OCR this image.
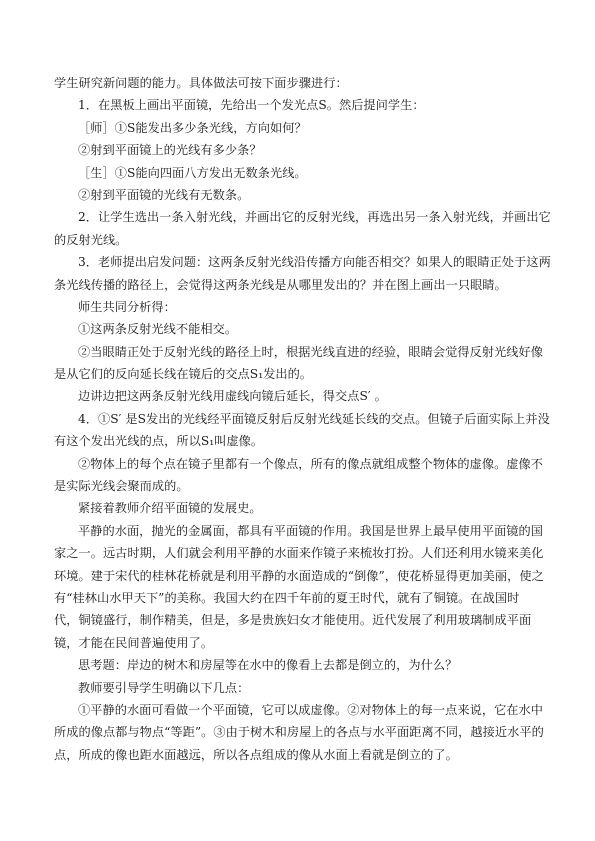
学生研究新问题的能力。具体做法可按下面步骤进行：
1．在黑板上画出平面镜，先给出一个发光点S。然后提问学生：
［师］①S能发出多少条光线，方向如何？
②射到平面镜上的光线有多少条？
［生］①S能向四面八方发出无数条光线。
②射到平面镜的光线有无数条。
2．让学生选出一条入射光线，并画出它的反射光线，再选出另一条入射光线，并画出它
的反射光线。
3．老师提出启发问题：这两条反射光线沿传播方向能否相交？如果人的眼睛正处于这两
条光线传播的路径上，会觉得这两条光线是从哪里发出的？并在图上画出一只眼睛。
师生共同分析得：
①这两条反射光线不能相交。
②当眼睛正处于反射光线的路径上时，根据光线直进的经验，眼睛会觉得反射光线好像
是从它们的反向延长线在镜后的交点S₁发出的。
边讲边把这两条反射光线用虚线向镜后延长，得交点S′ 。
4．①S′ 是S发出的光线经平面镜反射后反射光线延长线的交点。但镜子后面实际上并没
有这个发出光线的点，所以S₁叫虚像。
②物体上的每个点在镜子里都有一个像点，所有的像点就组成整个物体的虚像。虚像不
是实际光线会聚而成的。
紧接着教师介绍平面镜的发展史。
平静的水面，抛光的金属面，都具有平面镜的作用。我国是世界上最早使用平面镜的国
家之一。远古时期，人们就会利用平静的水面来作镜子来梳妆打扮。人们还利用水镜来美化
环境。建于宋代的桂林花桥就是利用平静的水面造成的“倒像”，使花桥显得更加美丽，使之
有“桂林山水甲天下”的美称。我国大约在四千年前的夏王时代，就有了铜镜。在战国时
代，铜镜盛行，制作精美，但是，多是贵族妇女才能使用。近代发展了利用玻璃制成平面
镜，才能在民间普遍使用了。
思考题：岸边的树木和房屋等在水中的像看上去都是倒立的，为什么？
教师要引导学生明确以下几点：
①平静的水面可看做一个平面镜，它可以成虚像。②对物体上的每一点来说，它在水中
所成的像点都与物点“等距”。③由于树木和房屋上的各点与水平面距离不同，越接近水平的
点，所成的像也距水面越远，所以各点组成的像从水面上看就是倒立的了。
